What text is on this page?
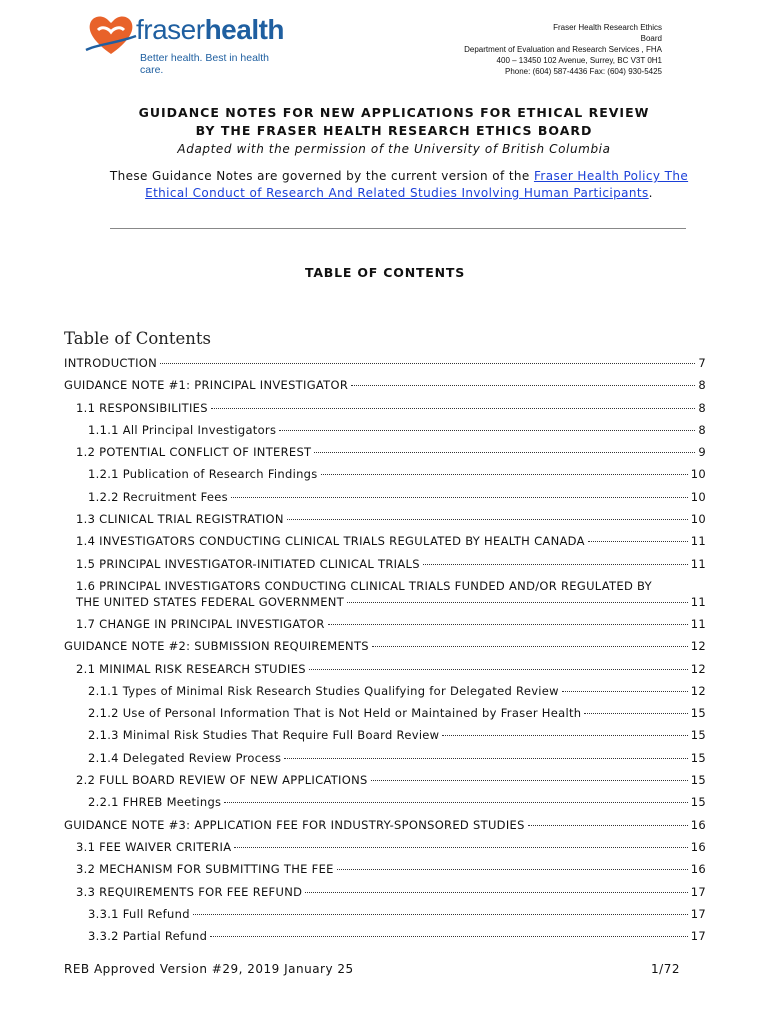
fraserhealth
Better health. Best in health care.
Fraser Health Research Ethics
Board
Department of Evaluation and Research Services , FHA
400 – 13450 102 Avenue, Surrey, BC V3T 0H1
Phone: (604) 587-4436 Fax: (604) 930-5425
GUIDANCE NOTES FOR NEW APPLICATIONS FOR ETHICAL REVIEW
BY THE FRASER HEALTH RESEARCH ETHICS BOARD
Adapted with the permission of the University of British Columbia
These Guidance Notes are governed by the current version of the Fraser Health Policy The Ethical Conduct of Research And Related Studies Involving Human Participants.
TABLE OF CONTENTS
Table of Contents
INTRODUCTION	7
GUIDANCE NOTE #1: PRINCIPAL INVESTIGATOR	8
1.1 RESPONSIBILITIES	8
1.1.1 All Principal Investigators	8
1.2 POTENTIAL CONFLICT OF INTEREST	9
1.2.1 Publication of Research Findings	10
1.2.2 Recruitment Fees	10
1.3 CLINICAL TRIAL REGISTRATION	10
1.4 INVESTIGATORS CONDUCTING CLINICAL TRIALS REGULATED BY HEALTH CANADA	11
1.5 PRINCIPAL INVESTIGATOR-INITIATED CLINICAL TRIALS	11
1.6 PRINCIPAL INVESTIGATORS CONDUCTING CLINICAL TRIALS FUNDED AND/OR REGULATED BY
THE UNITED STATES FEDERAL GOVERNMENT	11
1.7 CHANGE IN PRINCIPAL INVESTIGATOR	11
GUIDANCE NOTE #2: SUBMISSION REQUIREMENTS	12
2.1 MINIMAL RISK RESEARCH STUDIES	12
2.1.1 Types of Minimal Risk Research Studies Qualifying for Delegated Review	12
2.1.2 Use of Personal Information That is Not Held or Maintained by Fraser Health	15
2.1.3 Minimal Risk Studies That Require Full Board Review	15
2.1.4 Delegated Review Process	15
2.2 FULL BOARD REVIEW OF NEW APPLICATIONS	15
2.2.1 FHREB Meetings	15
GUIDANCE NOTE #3: APPLICATION FEE FOR INDUSTRY-SPONSORED STUDIES	16
3.1 FEE WAIVER CRITERIA	16
3.2 MECHANISM FOR SUBMITTING THE FEE	16
3.3 REQUIREMENTS FOR FEE REFUND	17
3.3.1 Full Refund	17
3.3.2 Partial Refund	17
REB Approved Version #29, 2019 January 25	1/72
